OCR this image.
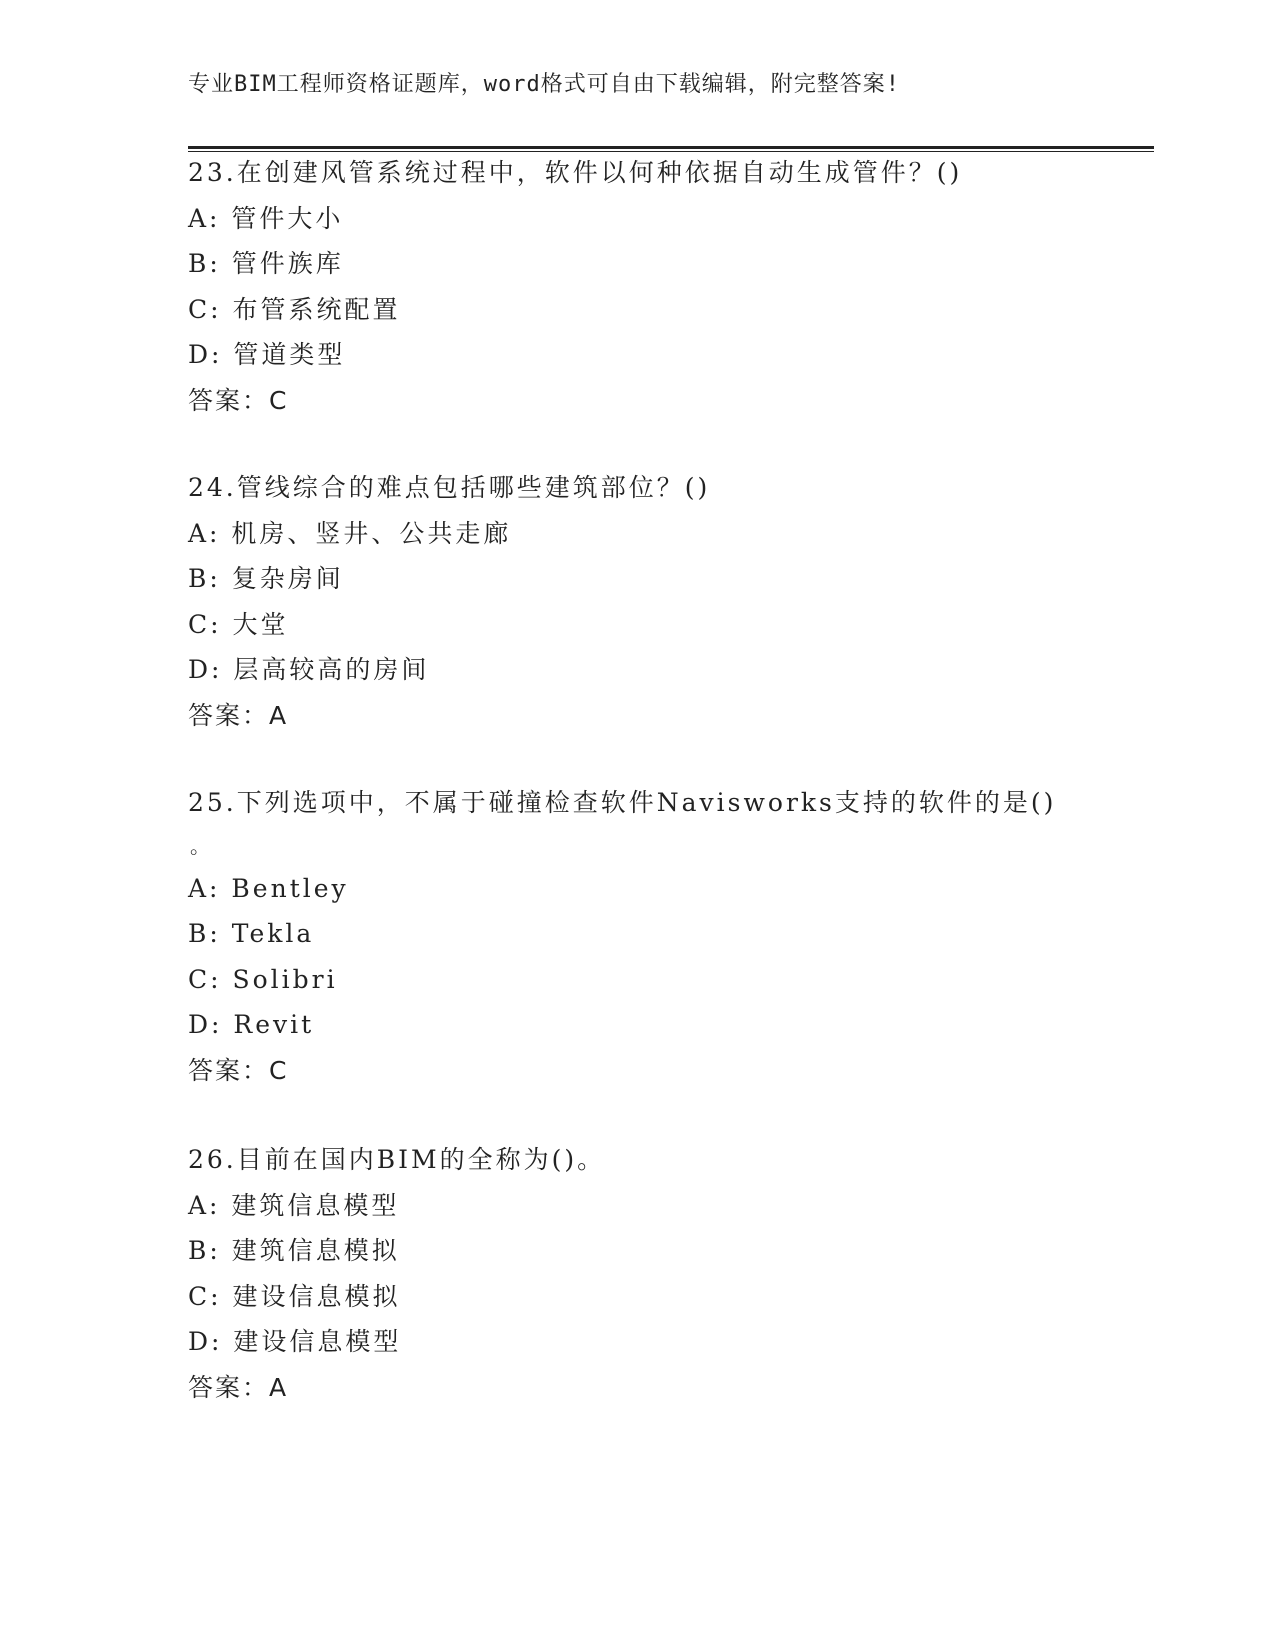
专业BIM工程师资格证题库，word格式可自由下载编辑，附完整答案!
23.在创建风管系统过程中，软件以何种依据自动生成管件？()
A: 管件大小
B: 管件族库
C: 布管系统配置
D: 管道类型
答案：C
24.管线综合的难点包括哪些建筑部位？()
A: 机房、竖井、公共走廊
B: 复杂房间
C: 大堂
D: 层高较高的房间
答案：A
25.下列选项中，不属于碰撞检查软件Navisworks支持的软件的是()
。
A: Bentley
B: Tekla
C: Solibri
D: Revit
答案：C
26.目前在国内BIM的全称为()。
A: 建筑信息模型
B: 建筑信息模拟
C: 建设信息模拟
D: 建设信息模型
答案：A
